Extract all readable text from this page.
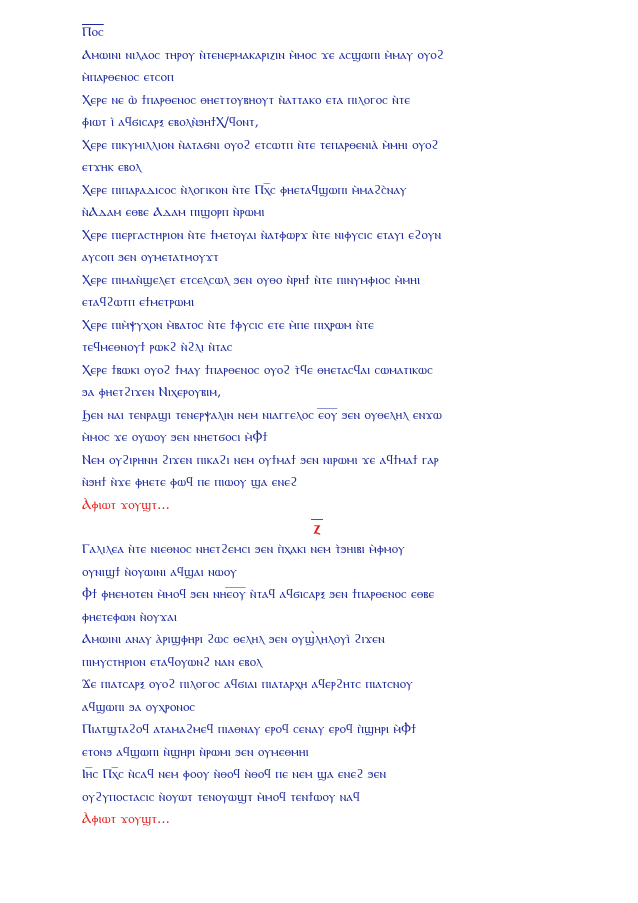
Ⲡⲟⲥ
Ⲁⲙⲱⲓⲛⲓ ⲛⲓⲗⲁⲟⲥ ⲧⲏⲣⲟⲩ ⲛ̀ⲧⲉⲛⲉⲣⲙⲁⲕⲁⲣⲓⲍⲓⲛ ⲙ̀ⲙⲟⲥ ϫⲉ ⲁⲥϣⲱⲡⲓ ⲙ̀ⲙⲁⲩ ⲟⲩⲟϩ
ⲙ̀ⲡⲁⲣⲑⲉⲛⲟⲥ ⲉⲧⲥⲟⲡ
Ⲭⲉⲣⲉ ⲛⲉ ⲱ̀ ϯⲡⲁⲣⲑⲉⲛⲟⲥ ⲑⲏⲉⲧⲧⲟⲩⲃⲏⲟⲩⲧ ⲛ̀ⲁⲧⲧⲁⲕⲟ ⲉⲧⲁ ⲡⲓⲗⲟⲅⲟⲥ ⲛ̀ⲧⲉ
ⲫ̀ⲓⲱⲧ ⲓ̀ ⲁϥϭⲓⲥⲁⲣⲝ ⲉⲃⲟⲗⲛ̀ϧⲏϯⲬ/ϥⲟⲛⲧ,
Ⲭⲉⲣⲉ ⲡⲓⲕⲩⲙⲓⲗⲗⲓⲟⲛ ⲛ̀ⲁⲧⲁϭⲛⲓ ⲟⲩⲟϩ ⲉⲧⲥⲱⲧⲡ ⲛ̀ⲧⲉ ⲧⲉⲡⲁⲣⲑⲉⲛⲓⲁ̀ ⲙ̀ⲙⲏⲓ ⲟⲩⲟϩ
ⲉⲧϫⲏⲕ ⲉⲃⲟⲗ
Ⲭⲉⲣⲉ ⲡⲓⲡⲁⲣⲁⲇⲓⲥⲟⲥ ⲛ̀ⲗⲟⲅⲓⲕⲟⲛ ⲛ̀ⲧⲉ Ⲡⲭ̅ⲥ ⲫⲏⲉⲧⲁϥϣⲱⲡⲓ ⲙ̀ⲙⲁϩⲥ̀ⲛⲁⲩ
ⲛ̀Ⲁⲇⲁⲙ ⲉⲑⲃⲉ Ⲁⲇⲁⲙ ⲡⲓϣⲟⲣⲡ ⲛ̀ⲣⲱⲙⲓ
Ⲭⲉⲣⲉ ⲡⲓⲉⲣⲅⲁⲥⲧⲏⲣⲓⲟⲛ ⲛ̀ⲧⲉ ϯⲙⲉⲧⲟⲩⲁⲓ ⲛ̀ⲁⲧⲫⲱⲣϫ ⲛ̀ⲧⲉ ⲛⲓⲫⲩⲥⲓⲥ ⲉⲧⲁⲩⲓ ⲉϩⲟⲩⲛ
ⲁⲩⲥⲟⲡ ϧⲉⲛ ⲟⲩⲙⲉⲧⲁⲧⲙⲟⲩϫⲧ
Ⲭⲉⲣⲉ ⲡⲓⲙⲁⲛ̀ϣⲉⲗⲉⲧ ⲉⲧⲥⲉⲗⲥⲱⲗ ϧⲉⲛ ⲟⲩⲑⲟ ⲛ̀ⲣⲏϯ ⲛ̀ⲧⲉ ⲡⲓⲛⲩⲙⲫⲓⲟⲥ ⲙ̀ⲙⲏⲓ
ⲉⲧⲁϥϩⲱⲧⲡ ⲉϯⲙⲉⲧⲣⲱⲙⲓ
Ⲭⲉⲣⲉ ⲡⲓⲙ̀ⲯⲩⲭⲟⲛ ⲙ̀ⲃⲁⲧⲟⲥ ⲛ̀ⲧⲉ ϯⲫⲩⲥⲓⲥ ⲉⲧⲉ ⲙ̀ⲡⲉ ⲡⲓⲭⲣⲱⲙ ⲛ̀ⲧⲉ
ⲧⲉϥⲙⲉⲑⲛⲟⲩϯ ⲣⲱⲕϩ ⲛ̀ϩⲗⲓ ⲛ̀ⲧⲁⲥ
Ⲭⲉⲣⲉ ϯⲃⲱⲕⲓ ⲟⲩⲟϩ ϯⲙⲁⲩ ϯⲡⲁⲣⲑⲉⲛⲟⲥ ⲟⲩⲟϩ ⲧ̀ϥⲉ ⲑⲏⲉⲧⲁⲥϥⲁⲓ ⲥⲱⲙⲁⲧⲓⲕⲱⲥ
ϧⲁ ⲫⲏⲉⲧϩⲓϫⲉⲛ Ⲛⲓⲭⲉⲣⲟⲩⲃⲓⲙ,
Ϧⲉⲛ ⲛⲁⲓ ⲧⲉⲛⲣⲁϣⲓ ⲧⲉⲛⲉⲣⲯⲁⲗⲓⲛ ⲛⲉⲙ ⲛⲓⲁⲅⲅⲉⲗⲟⲥ ⲉ̅ⲟ̅ⲩ̅ ϧⲉⲛ ⲟⲩⲑⲉⲗⲏⲗ ⲉⲛϫⲱ
ⲙ̀ⲙⲟⲥ ϫⲉ ⲟⲩⲱⲟⲩ ϧⲉⲛ ⲛⲏⲉⲧϭⲟⲥⲓ ⲙ̀Ⲫ̀ϯ
Ⲛⲉⲙ ⲟⲩϩⲓⲣⲏⲛⲏ ϩⲓϫⲉⲛ ⲡⲓⲕⲁϩⲓ ⲛⲉⲙ ⲟⲩϯⲙⲁϯ ϧⲉⲛ ⲛⲓⲣⲱⲙⲓ ϫⲉ ⲁϥϯⲙⲁϯ ⲅⲁⲣ
ⲛ̀ϧⲏϯ ⲛ̀ϫⲉ ⲫⲏⲉⲧⲉ ⲫⲱϥ ⲡⲉ ⲡⲓⲱⲟⲩ ϣⲁ ⲉⲛⲉϩ
Ⲁ̀ⲫⲓⲱⲧ ϫⲟⲩϣⲧ...
ⲍ
Ⲅⲁⲗⲓⲗⲉⲁ ⲛ̀ⲧⲉ ⲛⲓⲉⲑⲛⲟⲥ ⲛⲏⲉⲧϩⲉⲙⲥⲓ ϧⲉⲛ ⲡ̀ⲭⲁⲕⲓ ⲛⲉⲙ ⲧ̀ϧⲏⲓⲃⲓ ⲙ̀ⲫⲙⲟⲩ
ⲟⲩⲛⲓϣϯ ⲛ̀ⲟⲩⲱⲓⲛⲓ ⲁϥϣⲁⲓ ⲛⲱⲟⲩ
Ⲫϯ ⲫⲏⲉⲙⲟⲧⲉⲛ ⲙ̀ⲙⲟϥ ϧⲉⲛ ⲛⲏⲉ̅ⲟ̅ⲩ̅ ⲛ̀ⲧⲁϥ ⲁϥϭⲓⲥⲁⲣⲝ ϧⲉⲛ ϯⲡⲁⲣⲑⲉⲛⲟⲥ ⲉⲑⲃⲉ
ⲫⲏⲉⲧⲉⲫⲱⲛ ⲛ̀ⲟⲩϫⲁⲓ
Ⲁⲙⲱⲓⲛⲓ ⲁⲛⲁⲩ ⲁ̀ⲣⲓϣⲫⲏⲣⲓ ϩⲱⲥ ⲑⲉⲗⲏⲗ ϧⲉⲛ ⲟⲩϣ̀ⲗⲏⲗⲟⲩⲓ̀ ϩⲓϫⲉⲛ
ⲡⲓⲙⲩⲥⲧⲏⲣⲓⲟⲛ ⲉⲧⲁϥⲟⲩⲱⲛϩ ⲛⲁⲛ ⲉⲃⲟⲗ
Ϫⲉ ⲡⲓⲁⲧⲥⲁⲣⲝ ⲟⲩⲟϩ ⲡⲓⲗⲟⲅⲟⲥ ⲁϥϭⲓⲁⲓ ⲡⲓⲁⲧⲁⲣⲭⲏ ⲁϥⲉⲣϩⲏⲧⲥ ⲡⲓⲁⲧⲥⲛⲟⲩ
ⲁϥϣⲱⲡⲓ ϧⲁ ⲟⲩⲭⲣⲟⲛⲟⲥ
Ⲡⲓⲁⲧϣⲧⲁϩⲟϥ ⲁⲧⲁⲙⲁϩⲙⲉϥ ⲡⲓⲁⲑⲛⲁⲩ ⲉⲣⲟϥ ⲥⲉⲛⲁⲩ ⲉⲣⲟϥ ⲡ̀ϣⲏⲣⲓ ⲙ̀Ⲫ̀ϯ
ⲉⲧⲟⲛϧ ⲁϥϣⲱⲡⲓ ⲛ̀ϣⲏⲣⲓ ⲛ̀ⲣⲱⲙⲓ ϧⲉⲛ ⲟⲩⲙⲉⲑⲙⲏⲓ
Ⲓⲏ̅ⲥ Ⲡⲭ̅ⲥ ⲛ̀ⲥⲁϥ ⲛⲉⲙ ⲫⲟⲟⲩ ⲛ̀ⲑⲟϥ ⲛ̀ⲑⲟϥ ⲡⲉ ⲛⲉⲙ ϣⲁ ⲉⲛⲉϩ ϧⲉⲛ
ⲟⲩϩⲩⲡⲟⲥⲧⲁⲥⲓⲥ ⲛ̀ⲟⲩⲱⲧ ⲧⲉⲛⲟⲩⲱϣⲧ ⲙ̀ⲙⲟϥ ⲧⲉⲛϯⲱⲟⲩ ⲛⲁϥ
Ⲁ̀ⲫⲓⲱⲧ ϫⲟⲩϣⲧ...
